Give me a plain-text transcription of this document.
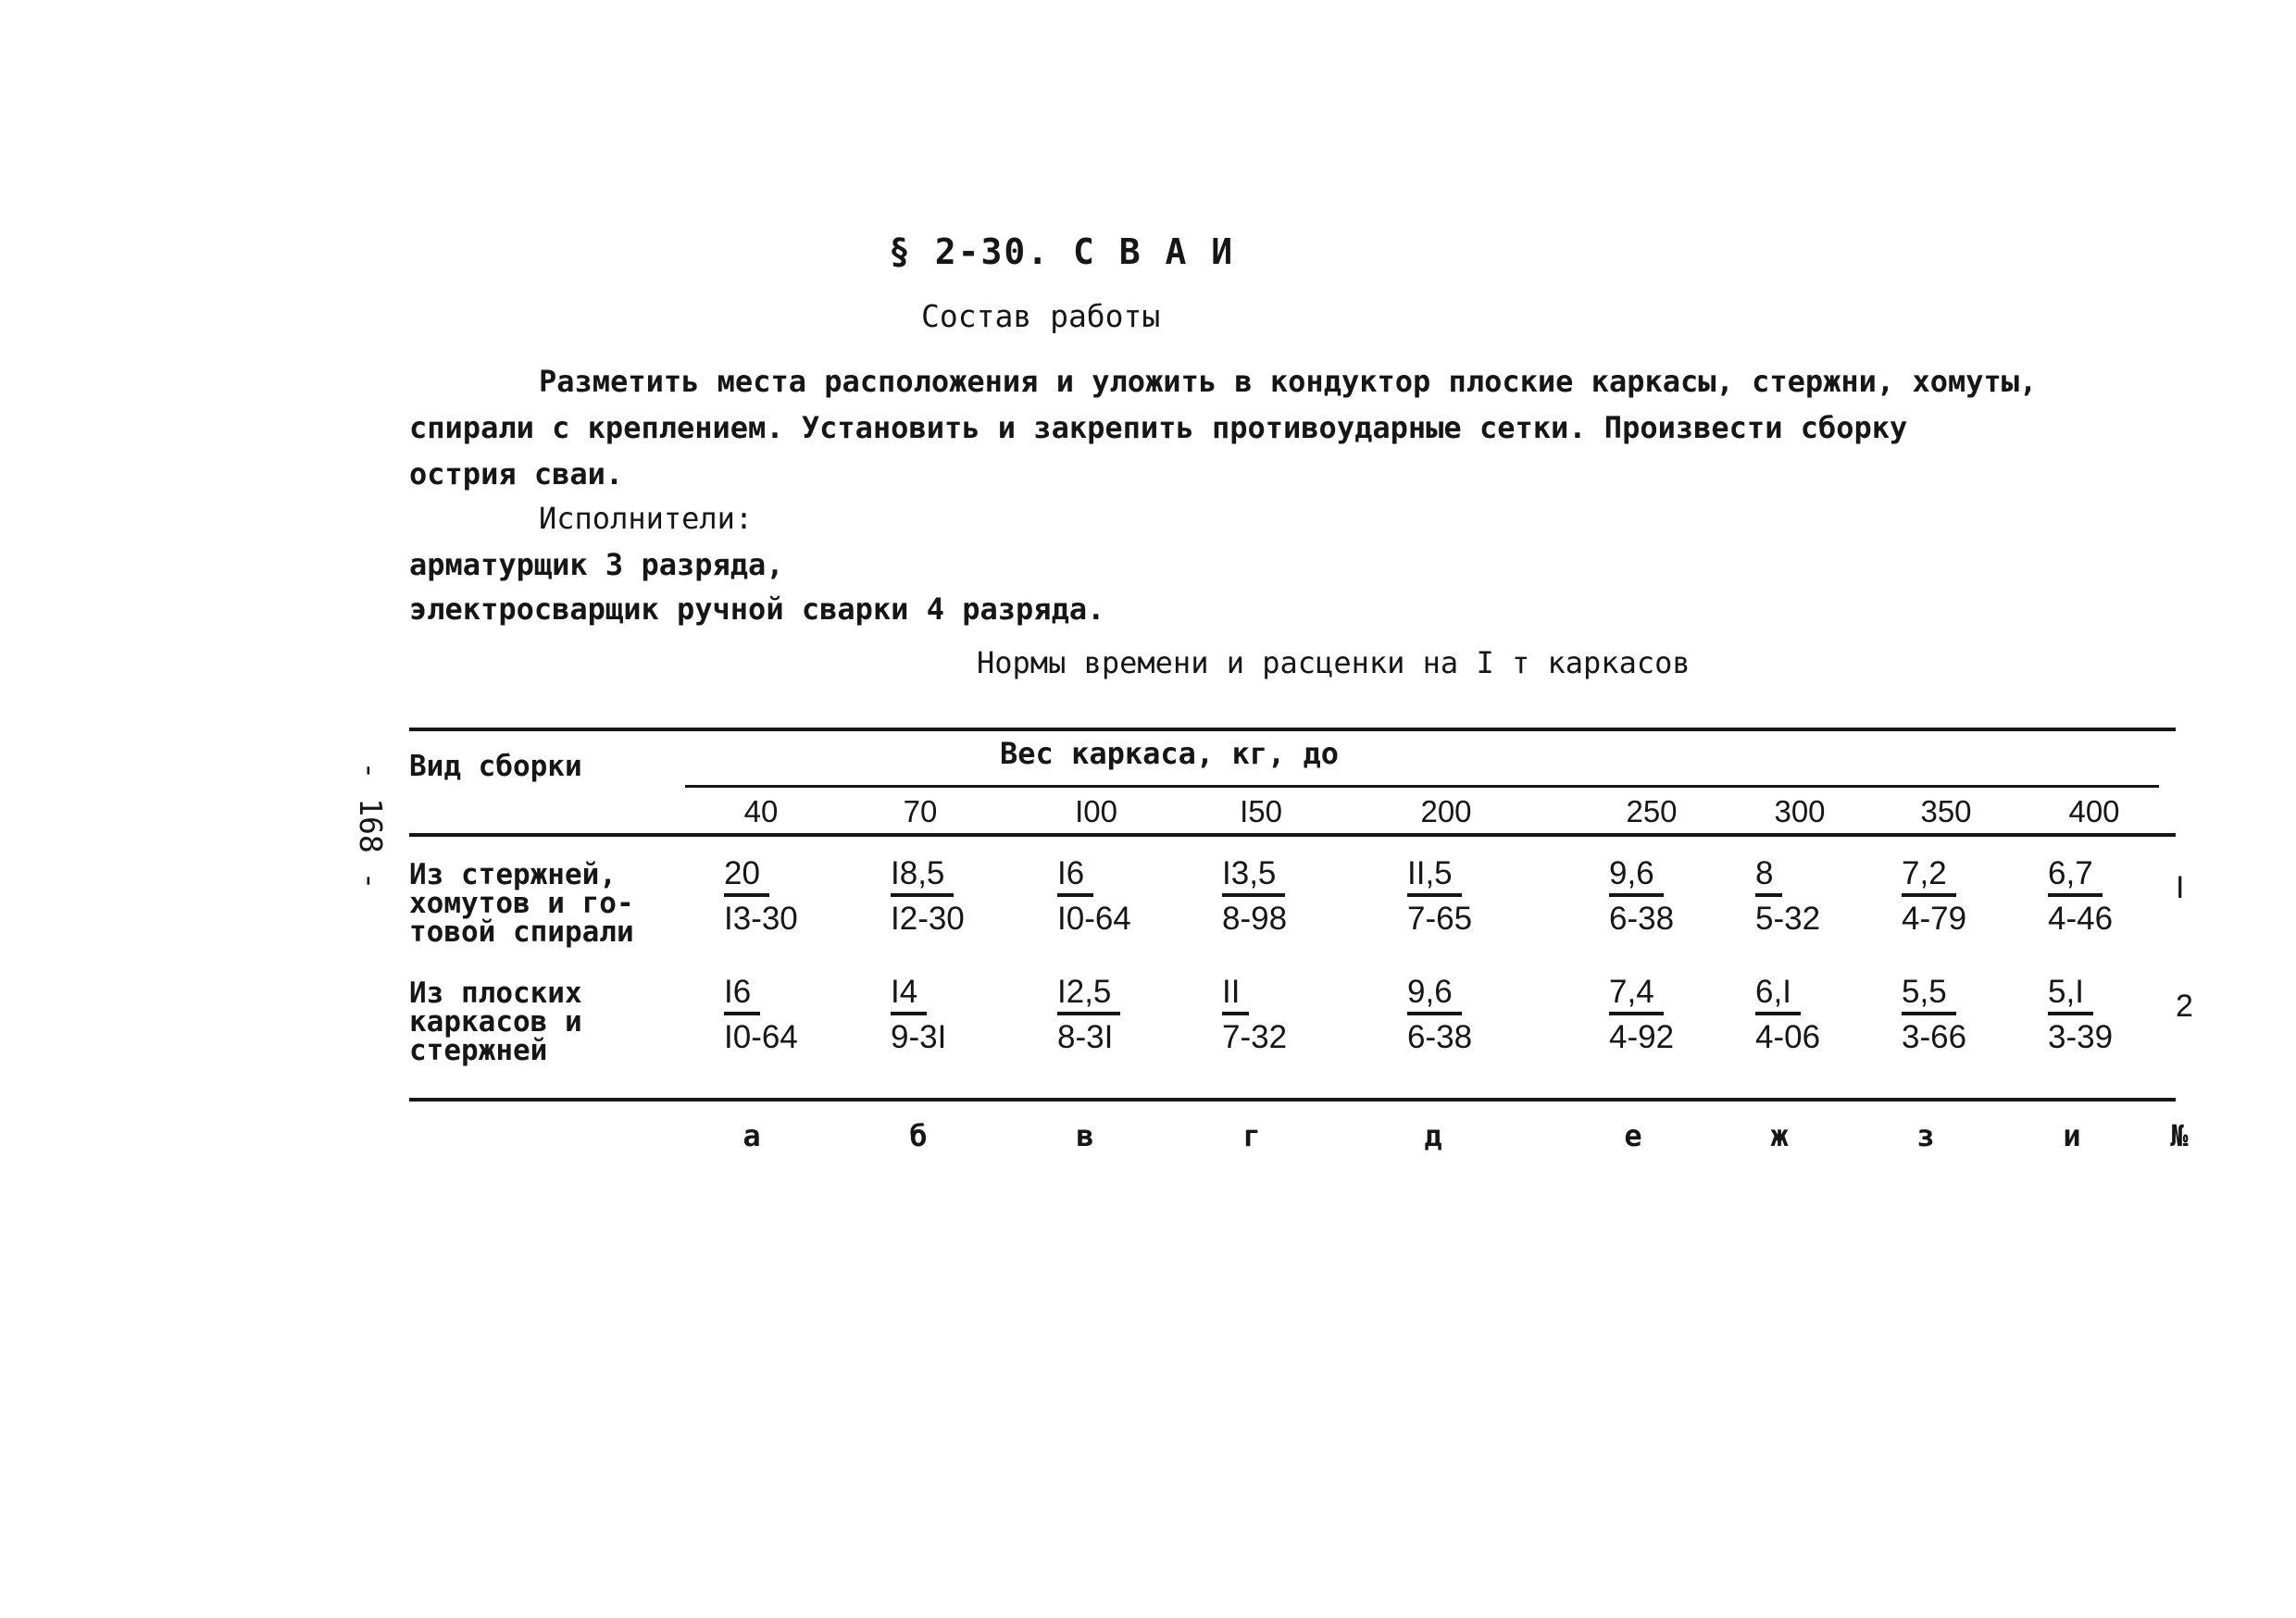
- 168 -
§ 2-30. С В А И
Состав работы
Разметить места расположения и уложить в кондуктор плоские каркасы, стержни, хомуты,
спирали с креплением. Установить и закрепить противоударные сетки. Произвести сборку
острия сваи.
Исполнители:
арматурщик 3 разряда,
электросварщик ручной сварки 4 разряда.
Нормы времени и расценки на I т каркасов
Вид сборки	Вес каркаса, кг, до
40	70	I00	I50	200	250	300	350	400
Из стержней,
хомутов и го-
товой спирали	$\frac{20}{I3-30} \frac{I8,5}{I2-30} \frac{I6}{I0-64} \frac{I3,5}{8-98} \frac{II,5}{7-65}$	$\frac{9,6}{6-38} \frac{8}{5-32} \frac{7,2}{4-79} \frac{6,7}{4-46}$ I
Из плоских
каркасов и
стержней	$\frac{I6}{I0-64} \frac{I4}{9-3I} \frac{I2,5}{8-3I} \frac{II}{7-32} \frac{9,6}{6-38}$	$\frac{7,4}{4-92} \frac{6,I}{4-06} \frac{5,5}{3-66} \frac{5,I}{3-39} 2$
а	б	в	г	д	е	ж	з	и	№
